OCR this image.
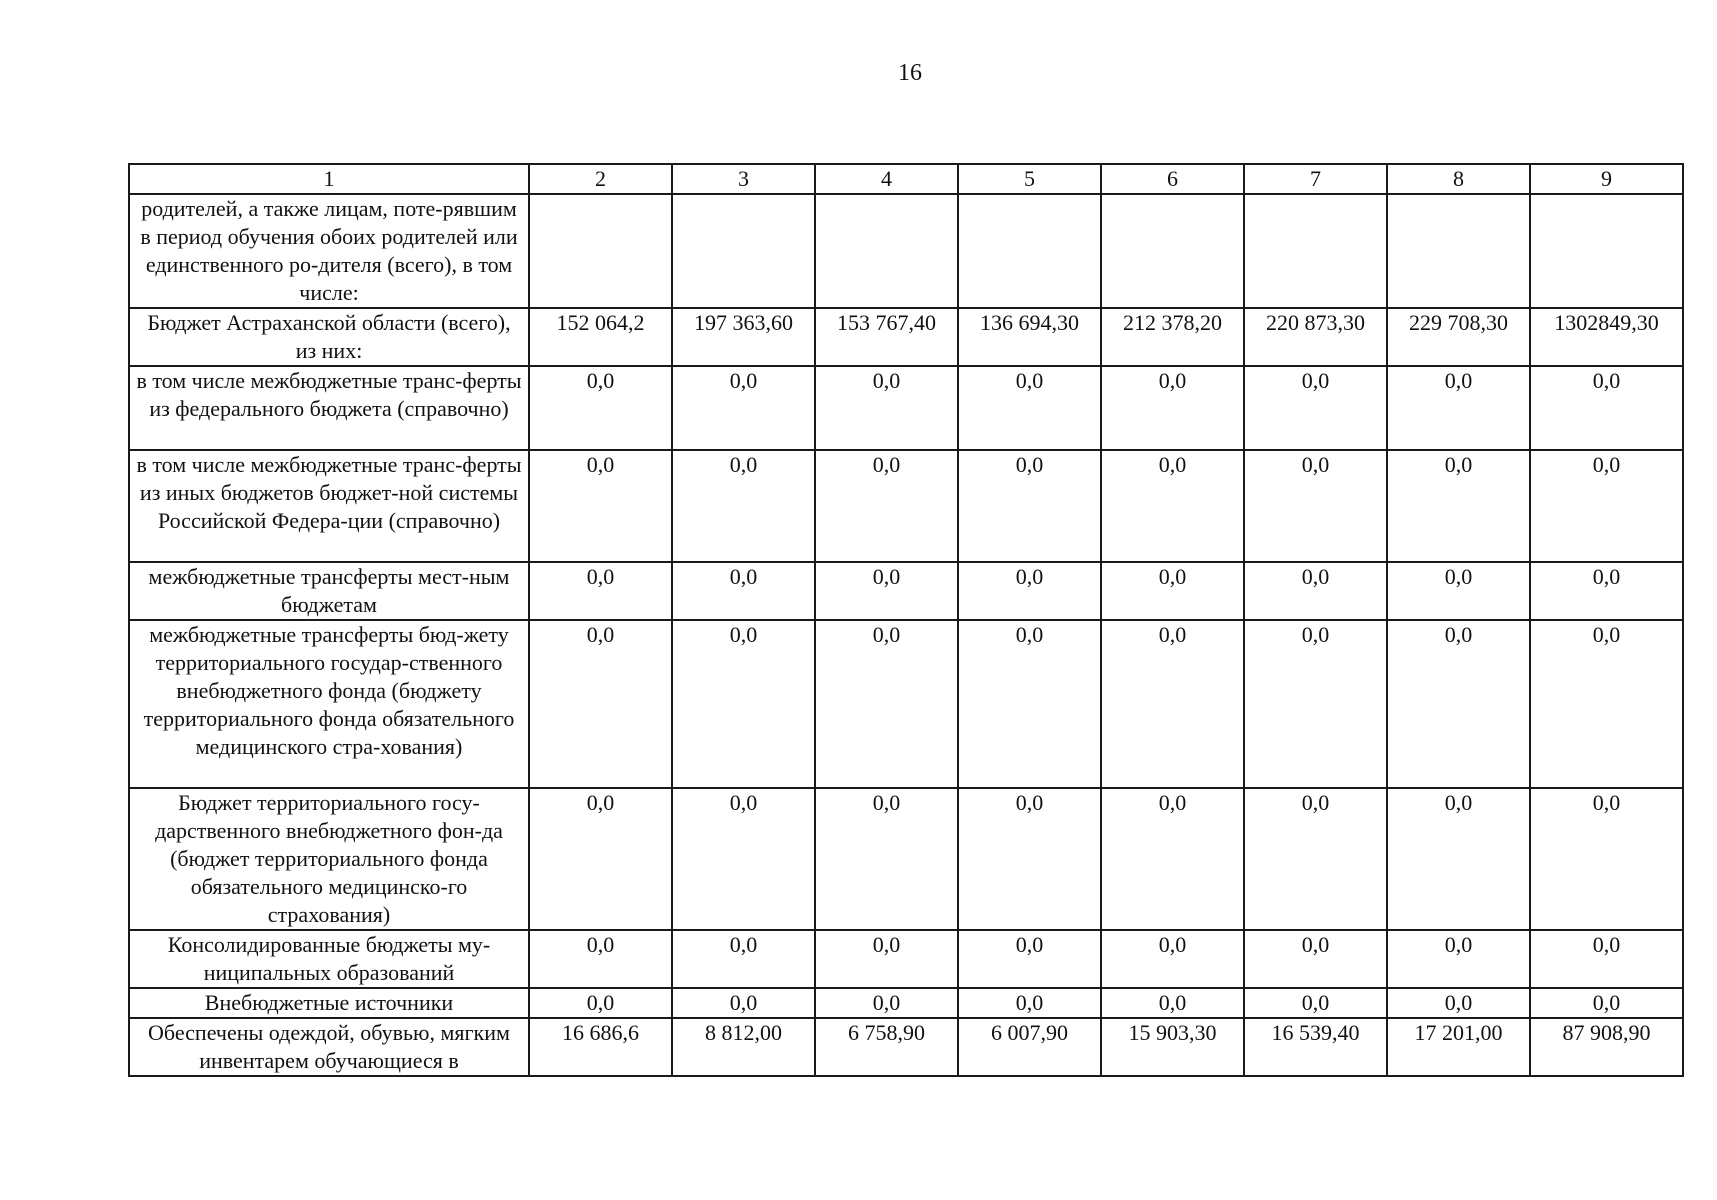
16
1	2	3	4	5	6	7	8	9
родителей, а также лицам, поте-рявшим в период обучения обоих родителей или единственного ро-дителя (всего), в том числе:								
Бюджет Астраханской области (всего), из них:	152 064,2	197 363,60	153 767,40	136 694,30	212 378,20	220 873,30	229 708,30	1302849,30
в том числе межбюджетные транс-ферты из федерального бюджета (справочно)	0,0	0,0	0,0	0,0	0,0	0,0	0,0	0,0
в том числе межбюджетные транс-ферты из иных бюджетов бюджет-ной системы Российской Федера-ции (справочно)	0,0	0,0	0,0	0,0	0,0	0,0	0,0	0,0
межбюджетные трансферты мест-ным бюджетам	0,0	0,0	0,0	0,0	0,0	0,0	0,0	0,0
межбюджетные трансферты бюд-жету территориального государ-ственного внебюджетного фонда (бюджету территориального фонда обязательного медицинского стра-хования)	0,0	0,0	0,0	0,0	0,0	0,0	0,0	0,0
Бюджет территориального госу-дарственного внебюджетного фон-да (бюджет территориального фонда обязательного медицинско-го страхования)	0,0	0,0	0,0	0,0	0,0	0,0	0,0	0,0
Консолидированные бюджеты му-ниципальных образований	0,0	0,0	0,0	0,0	0,0	0,0	0,0	0,0
Внебюджетные источники	0,0	0,0	0,0	0,0	0,0	0,0	0,0	0,0
Обеспечены одеждой, обувью, мягким инвентарем обучающиеся в	16 686,6	8 812,00	6 758,90	6 007,90	15 903,30	16 539,40	17 201,00	87 908,90
